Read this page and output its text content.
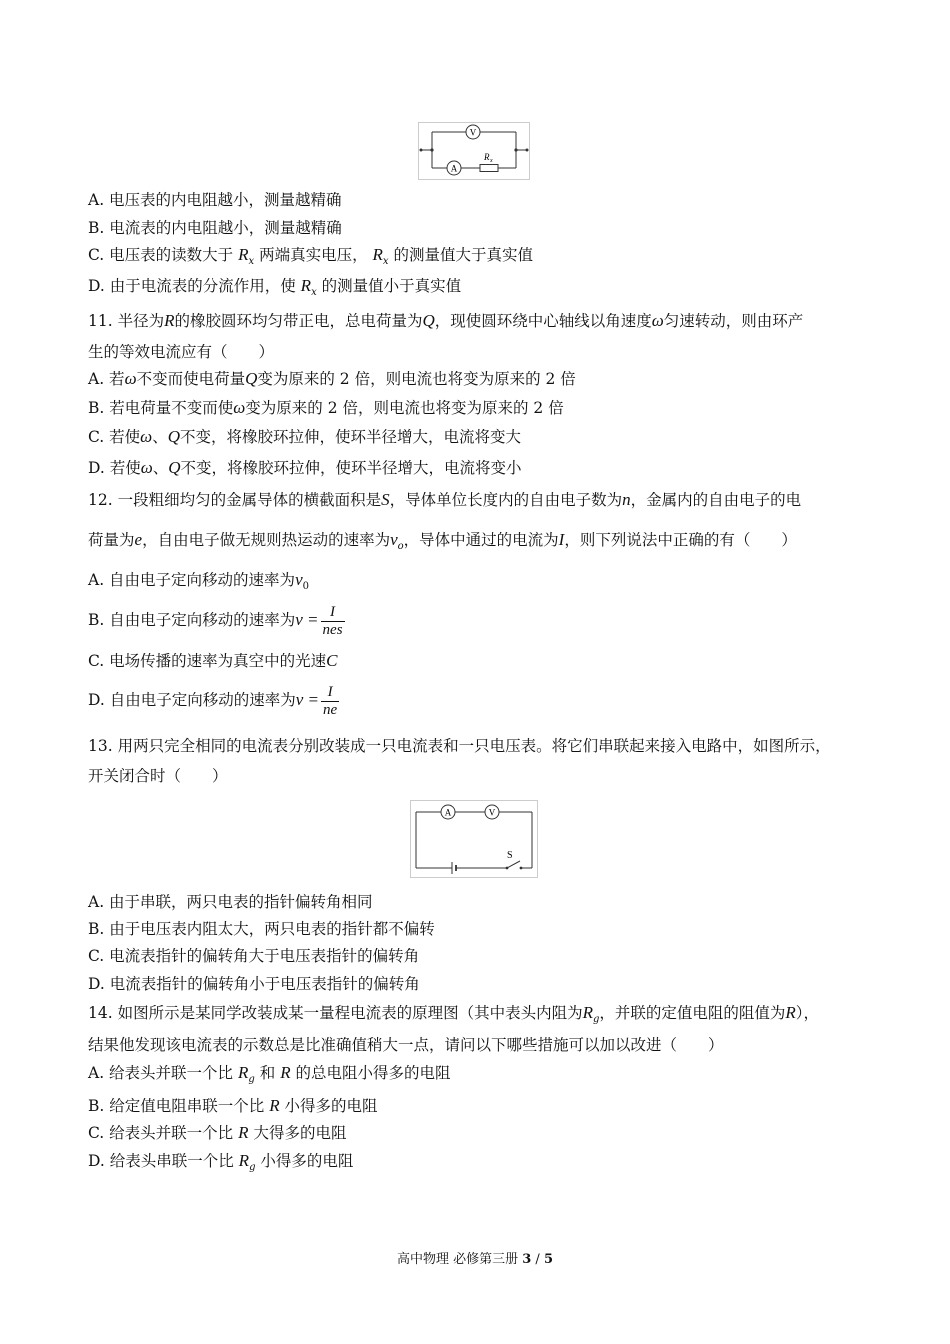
V
A
R x
A. 电压表的内电阻越小，测量越精确
B. 电流表的内电阻越小，测量越精确
C. 电压表的读数大于 $R_x$ 两端真实电压， $R_x$ 的测量值大于真实值
D. 由于电流表的分流作用，使 $R_x$ 的测量值小于真实值
11. 半径为R的橡胶圆环均匀带正电，总电荷量为Q，现使圆环绕中心轴线以角速度ω匀速转动，则由环产
生的等效电流应有（　　）
A. 若ω不变而使电荷量Q变为原来的 2 倍，则电流也将变为原来的 2 倍
B. 若电荷量不变而使ω变为原来的 2 倍，则电流也将变为原来的 2 倍
C. 若使ω、Q不变，将橡胶环拉伸，使环半径增大，电流将变大
D. 若使ω、Q不变，将橡胶环拉伸，使环半径增大，电流将变小
12. 一段粗细均匀的金属导体的横截面积是S，导体单位长度内的自由电子数为n，金属内的自由电子的电
荷量为e，自由电子做无规则热运动的速率为$v_o$，导体中通过的电流为I，则下列说法中正确的有（　　）
A. 自由电子定向移动的速率为$v_0$
B. 自由电子定向移动的速率为$v = \frac{I}{\text{nes}}$
C. 电场传播的速率为真空中的光速C
D. 自由电子定向移动的速率为$v = \frac{I}{ne}$
13. 用两只完全相同的电流表分别改装成一只电流表和一只电压表。将它们串联起来接入电路中，如图所示，
开关闭合时（　　）
A	V
S
A. 由于串联，两只电表的指针偏转角相同
B. 由于电压表内阻太大，两只电表的指针都不偏转
C. 电流表指针的偏转角大于电压表指针的偏转角
D. 电流表指针的偏转角小于电压表指针的偏转角
14. 如图所示是某同学改装成某一量程电流表的原理图（其中表头内阻为$R_g$，并联的定值电阻的阻值为R），
结果他发现该电流表的示数总是比准确值稍大一点，请问以下哪些措施可以加以改进（　　）
A. 给表头并联一个比 $R_g$ 和 R 的总电阻小得多的电阻
B. 给定值电阻串联一个比 R 小得多的电阻
C. 给表头并联一个比 R 大得多的电阻
D. 给表头串联一个比 $R_g$ 小得多的电阻
高中物理 必修第三册 3 / 5
